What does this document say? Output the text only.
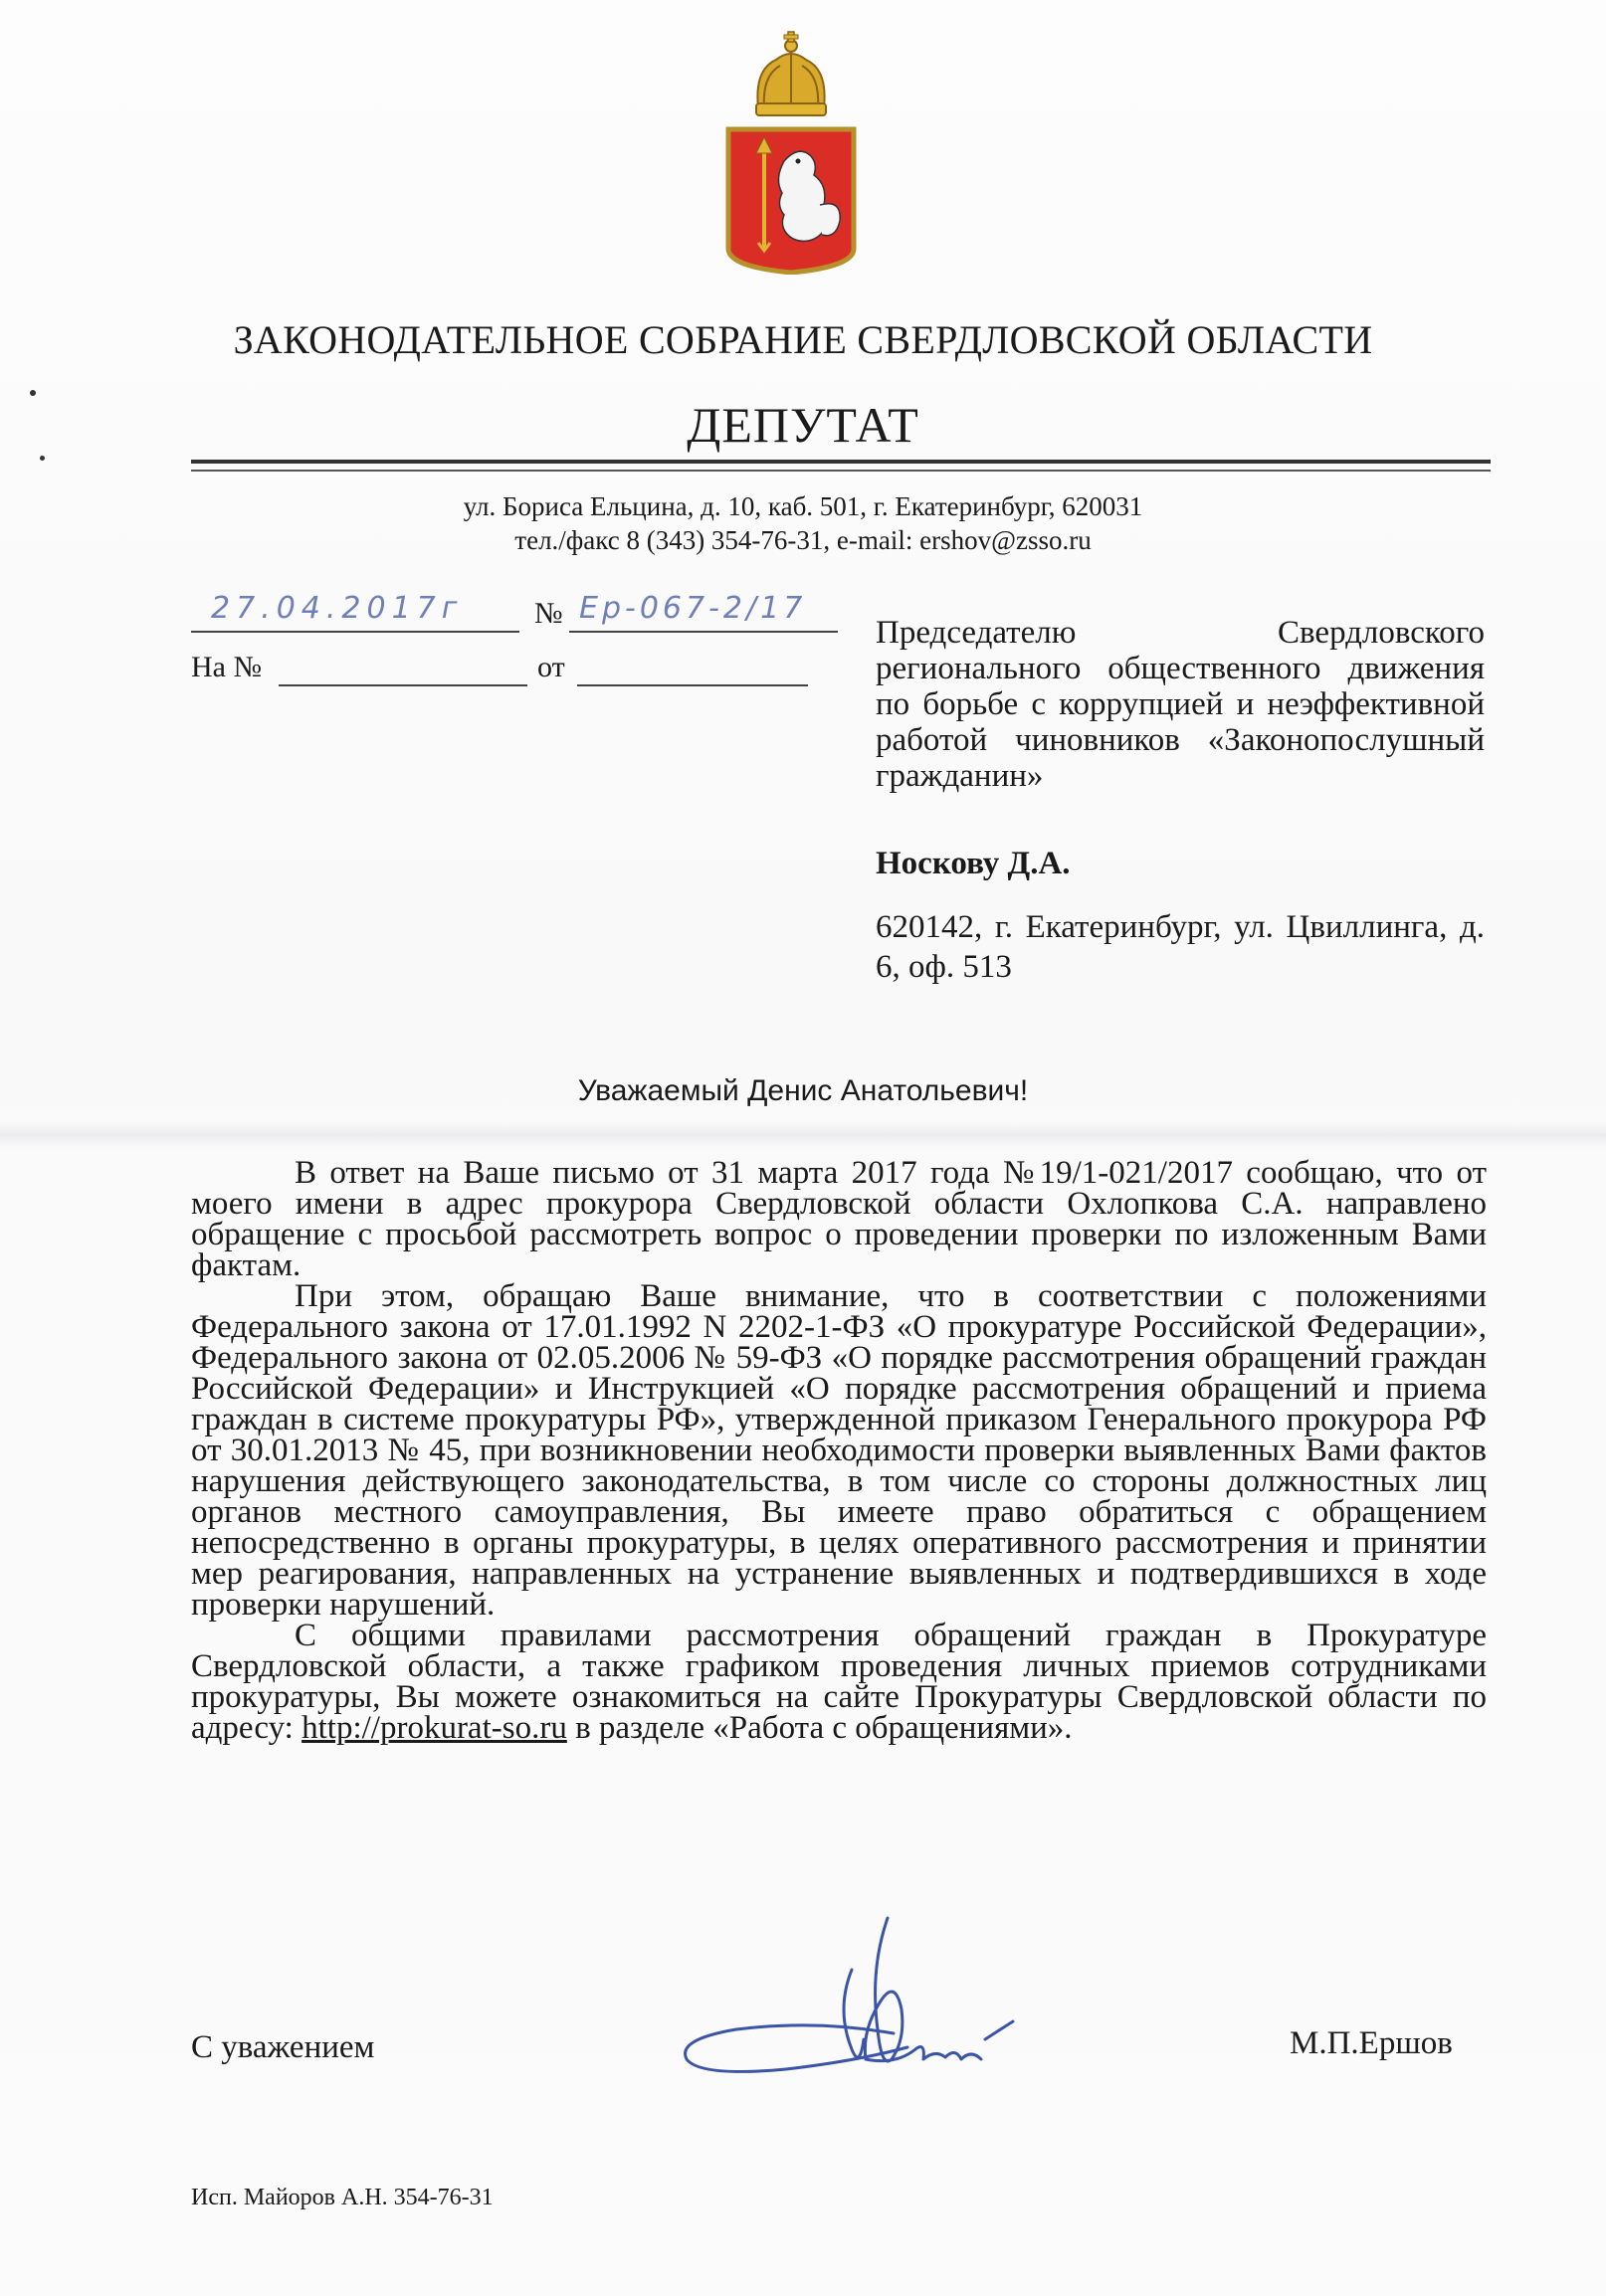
ЗАКОНОДАТЕЛЬНОЕ СОБРАНИЕ СВЕРДЛОВСКОЙ ОБЛАСТИ
ДЕПУТАТ
ул. Бориса Ельцина, д. 10, каб. 501, г. Екатеринбург, 620031
тел./факс 8 (343) 354-76-31, e-mail: ershov@zsso.ru
27.04.2017г № Ер-067-2/17
На №	от
Председателю Свердловского регионального общественного движения по борьбе с коррупцией и неэффективной работой чиновников «Законопослушный гражданин»
Носкову Д.А.
620142, г. Екатеринбург, ул. Цвиллинга, д. 6, оф. 513
Уважаемый Денис Анатольевич!

В ответ на Ваше письмо от 31 марта 2017 года №19/1-021/2017 сообщаю, что от моего имени в адрес прокурора Свердловской области Охлопкова С.А. направлено обращение с просьбой рассмотреть вопрос о проведении проверки по изложенным Вами фактам.

При этом, обращаю Ваше внимание, что в соответствии с положениями Федерального закона от 17.01.1992 N 2202-1-ФЗ «О прокуратуре Российской Федерации», Федерального закона от 02.05.2006 № 59-ФЗ «О порядке рассмотрения обращений граждан Российской Федерации» и Инструкцией «О порядке рассмотрения обращений и приема граждан в системе прокуратуры РФ», утвержденной приказом Генерального прокурора РФ от 30.01.2013 № 45, при возникновении необходимости проверки выявленных Вами фактов нарушения действующего законодательства, в том числе со стороны должностных лиц органов местного самоуправления, Вы имеете право обратиться с обращением непосредственно в органы прокуратуры, в целях оперативного рассмотрения и принятии мер реагирования, направленных на устранение выявленных и подтвердившихся в ходе проверки нарушений.

С общими правилами рассмотрения обращений граждан в Прокуратуре Свердловской области, а также графиком проведения личных приемов сотрудниками прокуратуры, Вы можете ознакомиться на сайте Прокуратуры Свердловской области по адресу: http://prokurat-so.ru в разделе «Работа с обращениями».

С уважением	М.П.Ершов
Исп. Майоров А.Н. 354-76-31
